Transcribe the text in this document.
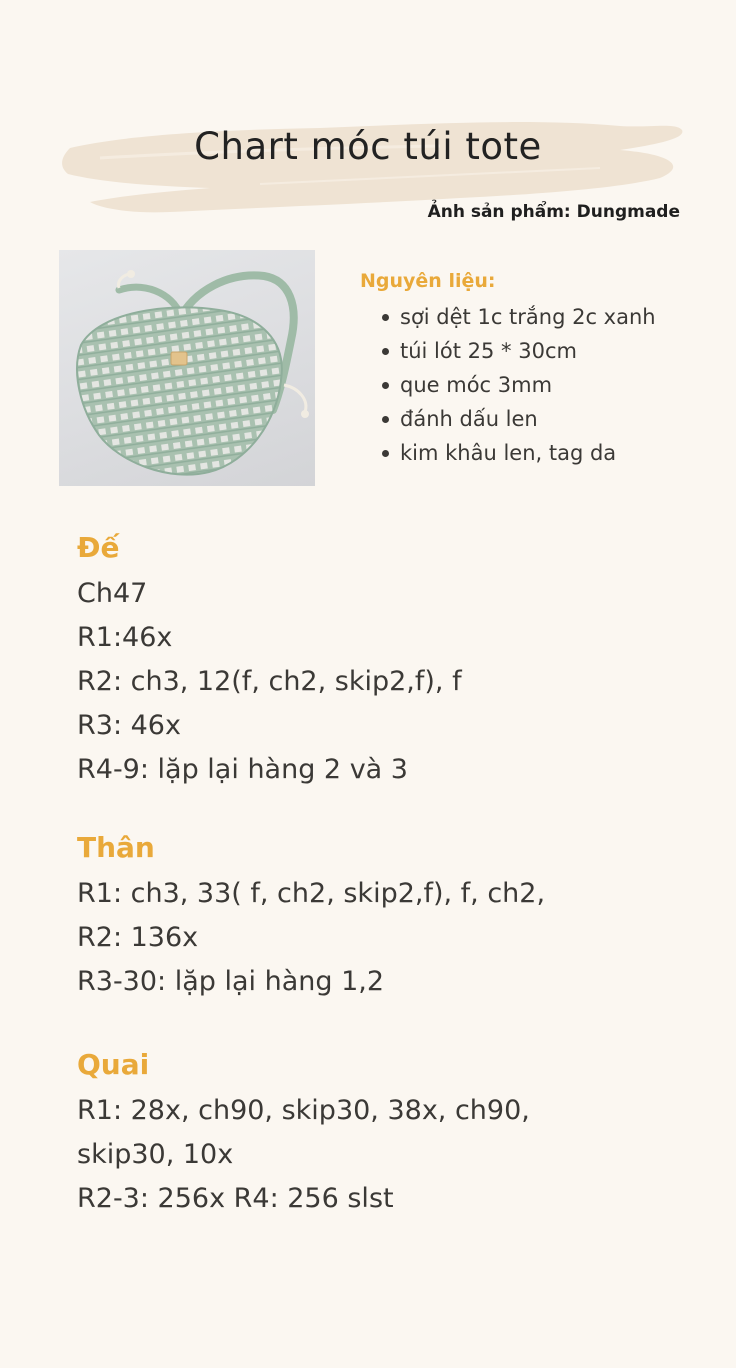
Chart móc túi tote

Ảnh sản phẩm: Dungmade

Nguyên liệu:

sợi dệt 1c trắng 2c xanh
túi lót 25 * 30cm
que móc 3mm
đánh dấu len
kim khâu len, tag da
Đế
Ch47
R1:46x
R2: ch3, 12(f, ch2, skip2,f), f
R3: 46x
R4-9: lặp lại hàng 2 và 3
Thân
R1: ch3, 33( f, ch2, skip2,f), f, ch2,
R2: 136x
R3-30: lặp lại hàng 1,2
Quai
R1: 28x, ch90, skip30, 38x, ch90,
skip30, 10x
R2-3: 256x R4: 256 slst
